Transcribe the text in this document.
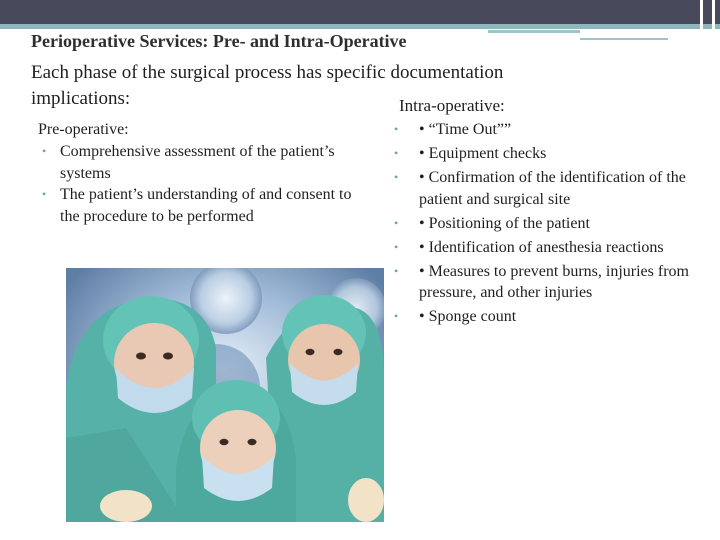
Perioperative Services: Pre- and Intra-Operative

Each phase of the surgical process has specific documentation implications:

Pre-operative:
• Comprehensive assessment of the patient’s systems
• The patient’s understanding of and consent to the procedure to be performed
Intra-operative:
• • “Time Out””
• • Equipment checks
• • Confirmation of the identification of the patient and surgical site
• • Positioning of the patient
• • Identification of anesthesia reactions
• • Measures to prevent burns, injuries from pressure, and other injuries
• • Sponge count
